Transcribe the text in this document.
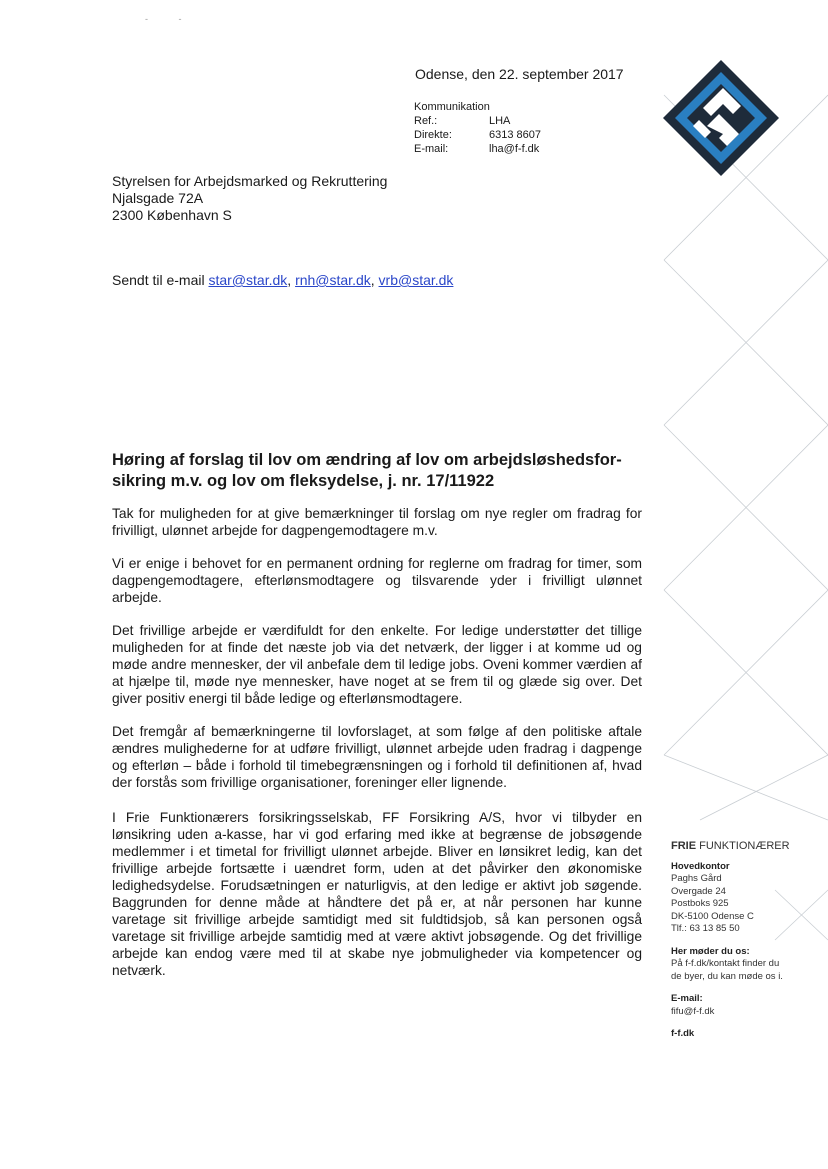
- -
Odense, den 22. september 2017
Kommunikation
Ref.:	LHA
Direkte:	6313 8607
E-mail:	lha@f-f.dk
Styrelsen for Arbejdsmarked og Rekruttering
Njalsgade 72A
2300 København S
Sendt til e-mail star@star.dk, rnh@star.dk, vrb@star.dk
Høring af forslag til lov om ændring af lov om arbejdsløshedsfor-sikring m.v. og lov om fleksydelse, j. nr. 17/11922

Tak for muligheden for at give bemærkninger til forslag om nye regler om fradrag for frivilligt, ulønnet arbejde for dagpengemodtagere m.v.

Vi er enige i behovet for en permanent ordning for reglerne om fradrag for timer, som dagpengemodtagere, efterlønsmodtagere og tilsvarende yder i frivilligt ulønnet arbejde.

Det frivillige arbejde er værdifuldt for den enkelte. For ledige understøtter det tillige muligheden for at finde det næste job via det netværk, der ligger i at komme ud og møde andre mennesker, der vil anbefale dem til ledige jobs. Oveni kommer værdien af at hjælpe til, møde nye mennesker, have noget at se frem til og glæde sig over. Det giver positiv energi til både ledige og efterlønsmodtagere.

Det fremgår af bemærkningerne til lovforslaget, at som følge af den politiske aftale ændres mulighederne for at udføre frivilligt, ulønnet arbejde uden fradrag i dagpenge og efterløn – både i forhold til timebegrænsningen og i forhold til definitionen af, hvad der forstås som frivillige organisationer, foreninger eller lignende.

I Frie Funktionærers forsikringsselskab, FF Forsikring A/S, hvor vi tilbyder en lønsikring uden a-kasse, har vi god erfaring med ikke at begrænse de jobsøgende medlemmer i et timetal for frivilligt ulønnet arbejde. Bliver en lønsikret ledig, kan det frivillige arbejde fortsætte i uændret form, uden at det påvirker den økonomiske ledighedsydelse. Forudsætningen er naturligvis, at den ledige er aktivt job søgende. Baggrunden for denne måde at håndtere det på er, at når personen har kunne varetage sit frivillige arbejde samtidigt med sit fuldtidsjob, så kan personen også varetage sit frivillige arbejde samtidig med at være aktivt jobsøgende. Og det frivillige arbejde kan endog være med til at skabe nye jobmuligheder via kompetencer og netværk.

FRIE FUNKTIONÆRER
Hovedkontor
Paghs Gård
Overgade 24
Postboks 925
DK-5100 Odense C
Tlf.: 63 13 85 50
Her møder du os:
På f-f.dk/kontakt finder du
de byer, du kan møde os i.
E-mail:
fifu@f-f.dk
f-f.dk
